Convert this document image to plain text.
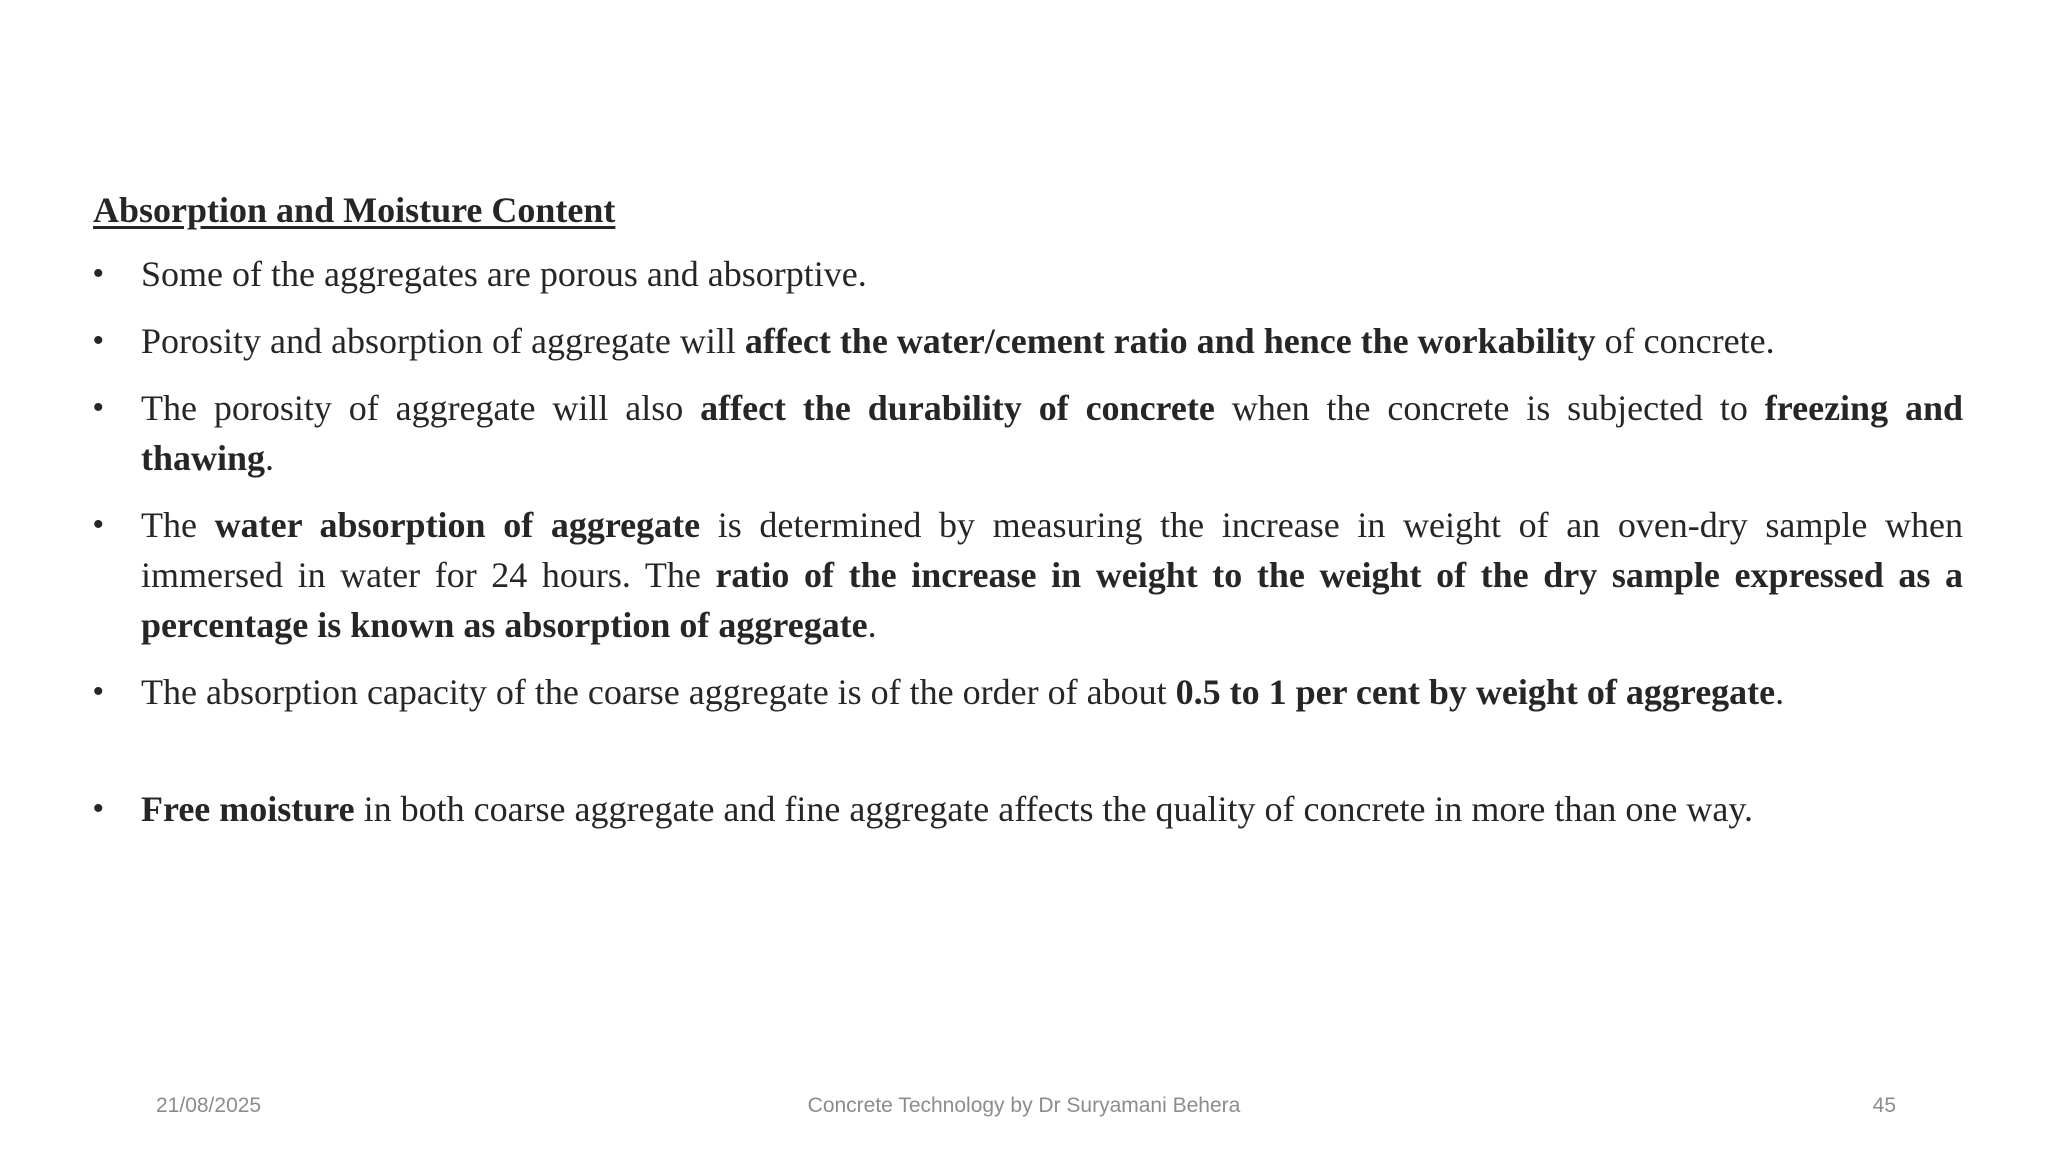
Absorption and Moisture Content
• Some of the aggregates are porous and absorptive.
• Porosity and absorption of aggregate will affect the water/cement ratio and hence the workability of concrete.
• The porosity of aggregate will also affect the durability of concrete when the concrete is subjected to freezing and thawing.
• The water absorption of aggregate is determined by measuring the increase in weight of an oven-dry sample when immersed in water for 24 hours. The ratio of the increase in weight to the weight of the dry sample expressed as a percentage is known as absorption of aggregate.
• The absorption capacity of the coarse aggregate is of the order of about 0.5 to 1 per cent by weight of aggregate.
• Free moisture in both coarse aggregate and fine aggregate affects the quality of concrete in more than one way.
21/08/2025	Concrete Technology by Dr Suryamani Behera	45
